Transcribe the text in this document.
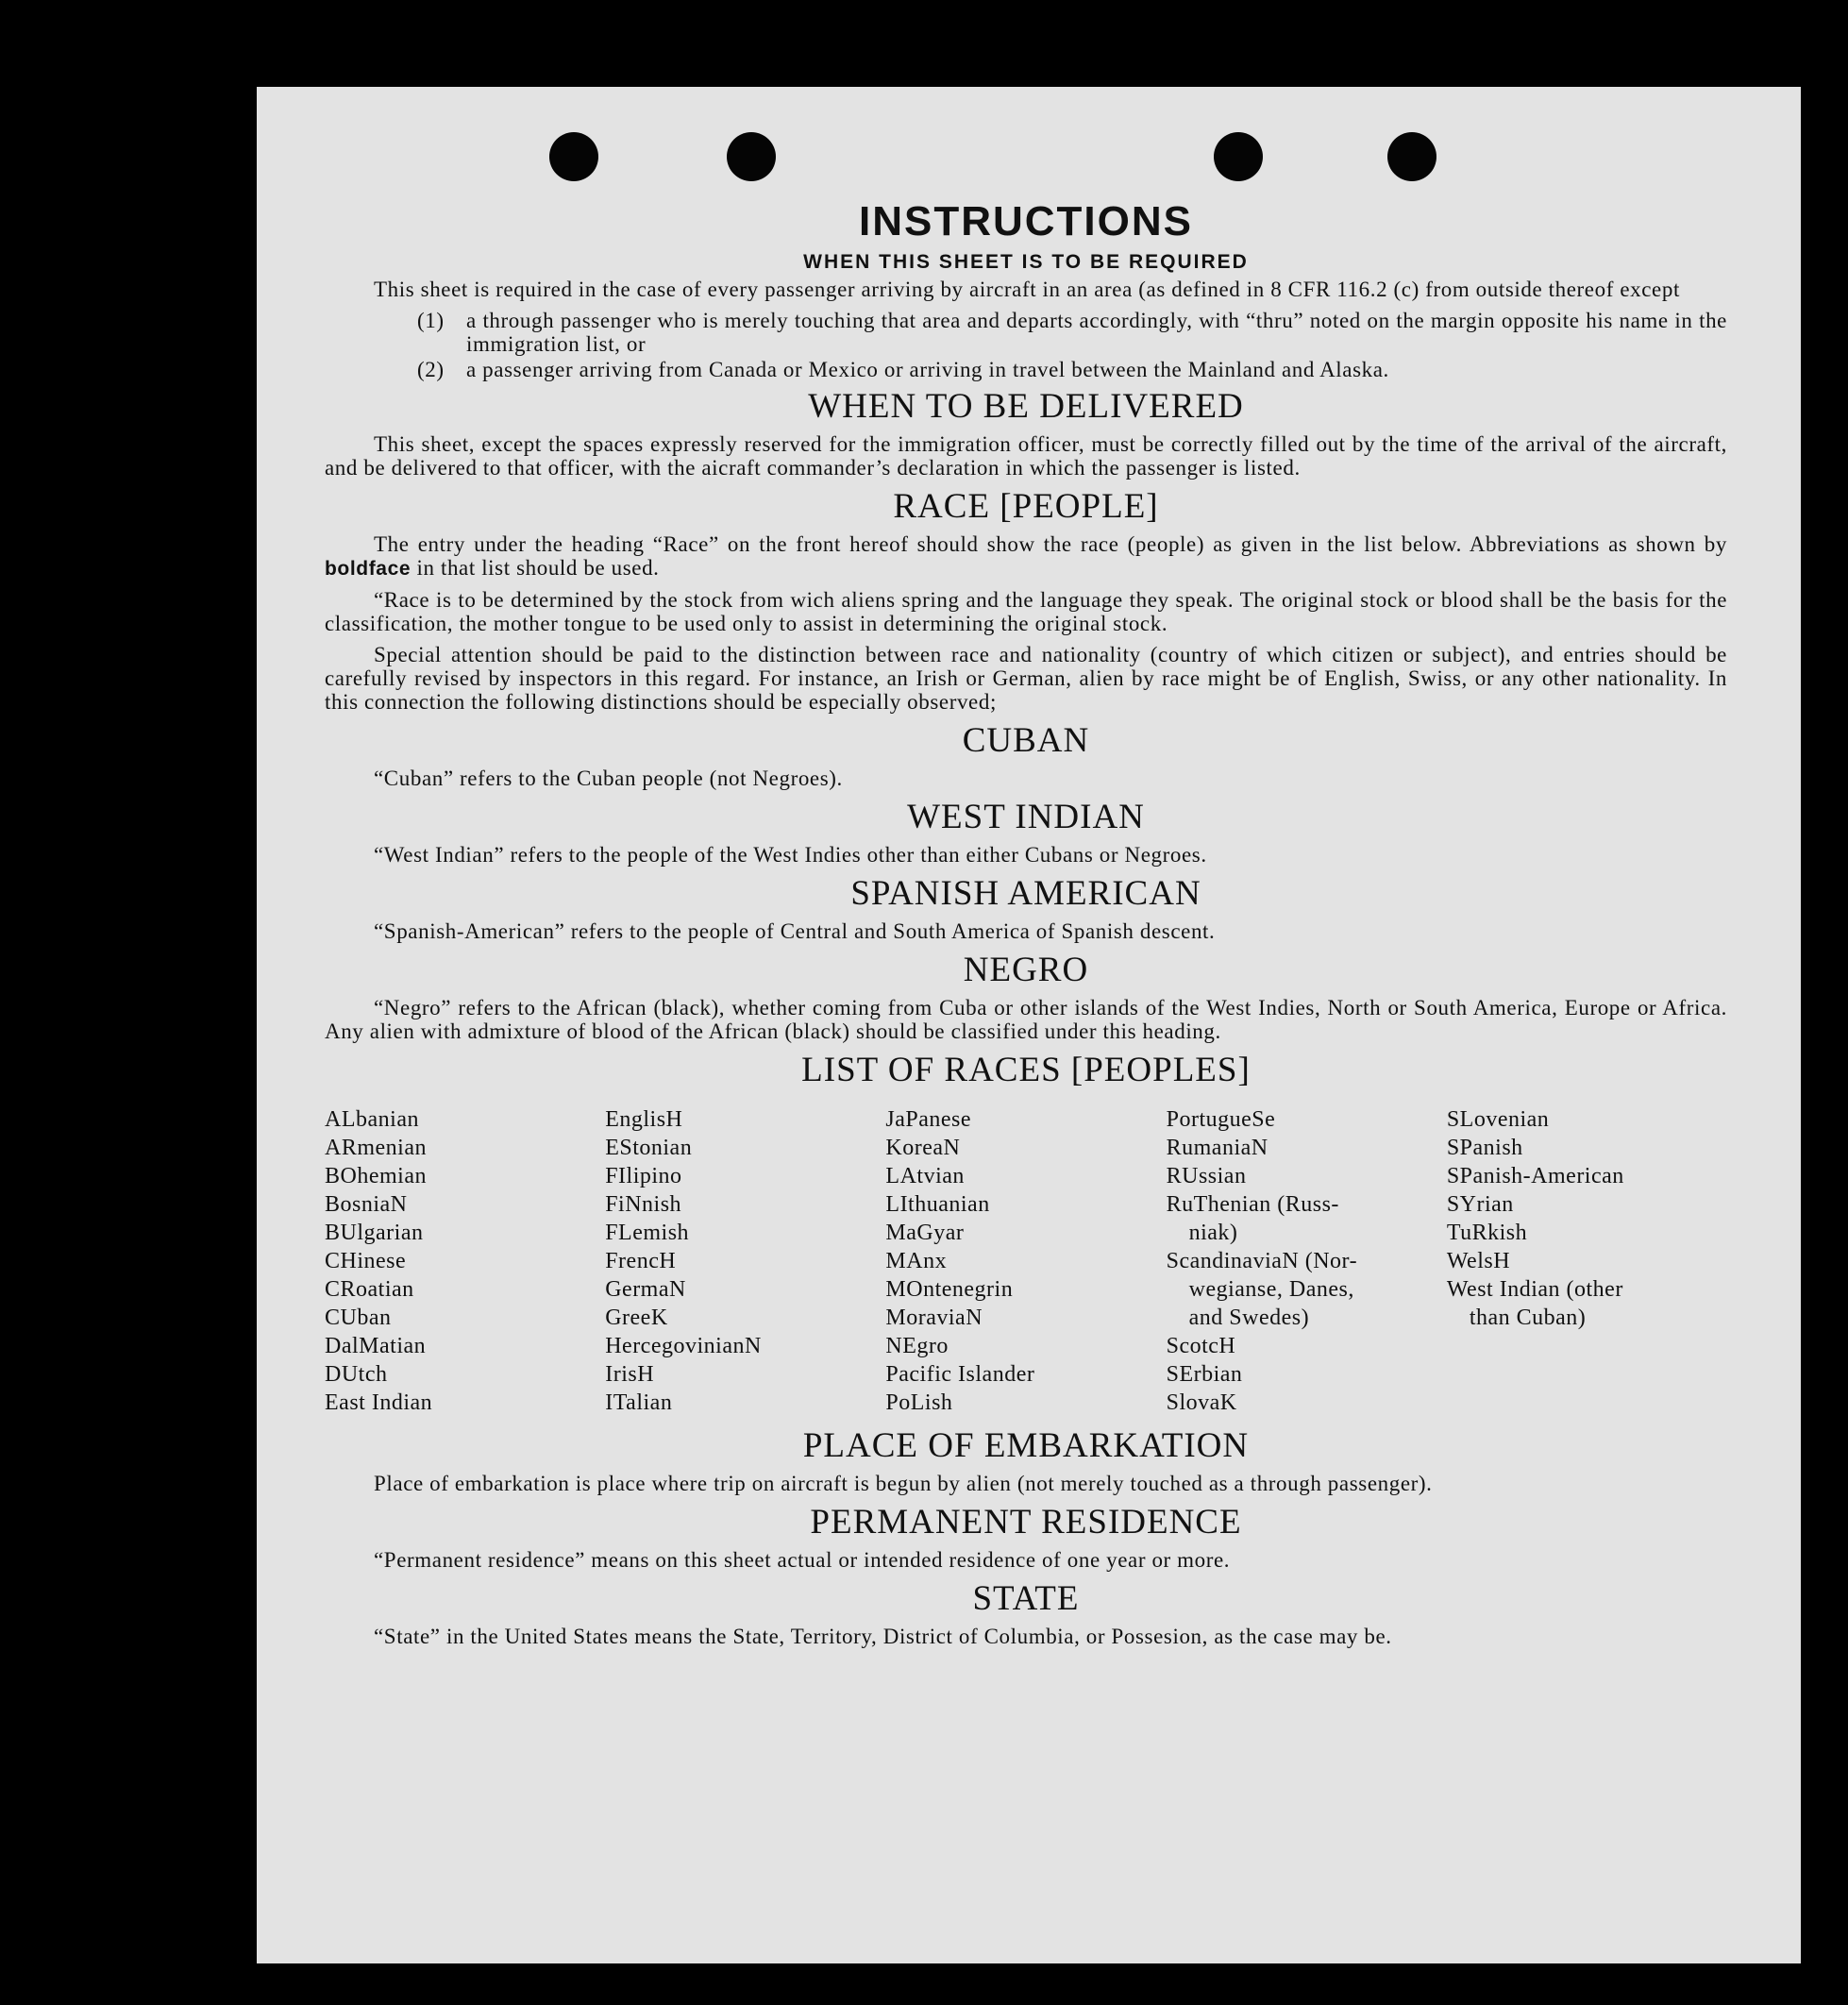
INSTRUCTIONS
WHEN THIS SHEET IS TO BE REQUIRED

This sheet is required in the case of every passenger arriving by aircraft in an area (as defined in 8 CFR 116.2 (c) from outside thereof except

(1) a through passenger who is merely touching that area and departs accordingly, with “thru” noted on the margin opposite his name in the immigration list, or
(2) a passenger arriving from Canada or Mexico or arriving in travel between the Mainland and Alaska.
WHEN TO BE DELIVERED

This sheet, except the spaces expressly reserved for the immigration officer, must be correctly filled out by the time of the arrival of the aircraft, and be delivered to that officer, with the aicraft commander’s declaration in which the passenger is listed.

RACE [PEOPLE]

The entry under the heading “Race” on the front hereof should show the race (people) as given in the list below. Abbreviations as shown by boldface in that list should be used.

“Race is to be determined by the stock from wich aliens spring and the language they speak. The original stock or blood shall be the basis for the classification, the mother tongue to be used only to assist in determining the original stock.

Special attention should be paid to the distinction between race and nationality (country of which citizen or subject), and entries should be carefully revised by inspectors in this regard. For instance, an Irish or German, alien by race might be of English, Swiss, or any other nationality. In this connection the following distinctions should be especially observed;

CUBAN

“Cuban” refers to the Cuban people (not Negroes).

WEST INDIAN

“West Indian” refers to the people of the West Indies other than either Cubans or Negroes.

SPANISH AMERICAN

“Spanish-American” refers to the people of Central and South America of Spanish descent.

NEGRO

“Negro” refers to the African (black), whether coming from Cuba or other islands of the West Indies, North or South America, Europe or Africa. Any alien with admixture of blood of the African (black) should be classified under this heading.

LIST OF RACES [PEOPLES]
ALbanian
ARmenian
BOhemian
BosniaN
BUlgarian
CHinese
CRoatian
CUban
DalMatian
DUtch
East Indian
EnglisH
EStonian
FIlipino
FiNnish
FLemish
FrencH
GermaN
GreeK
HercegovinianN
IrisH
ITalian
JaPanese
KoreaN
LAtvian
LIthuanian
MaGyar
MAnx
MOntenegrin
MoraviaN
NEgro
Pacific Islander
PoLish
PortugueSe
RumaniaN
RUssian
RuThenian (Russ-
niak)
ScandinaviaN (Nor-
wegianse, Danes,
and Swedes)
ScotcH
SErbian
SlovaK
SLovenian
SPanish
SPanish-American
SYrian
TuRkish
WelsH
West Indian (other
than Cuban)
PLACE OF EMBARKATION

Place of embarkation is place where trip on aircraft is begun by alien (not merely touched as a through passenger).

PERMANENT RESIDENCE

“Permanent residence” means on this sheet actual or intended residence of one year or more.

STATE

“State” in the United States means the State, Territory, District of Columbia, or Possesion, as the case may be.
